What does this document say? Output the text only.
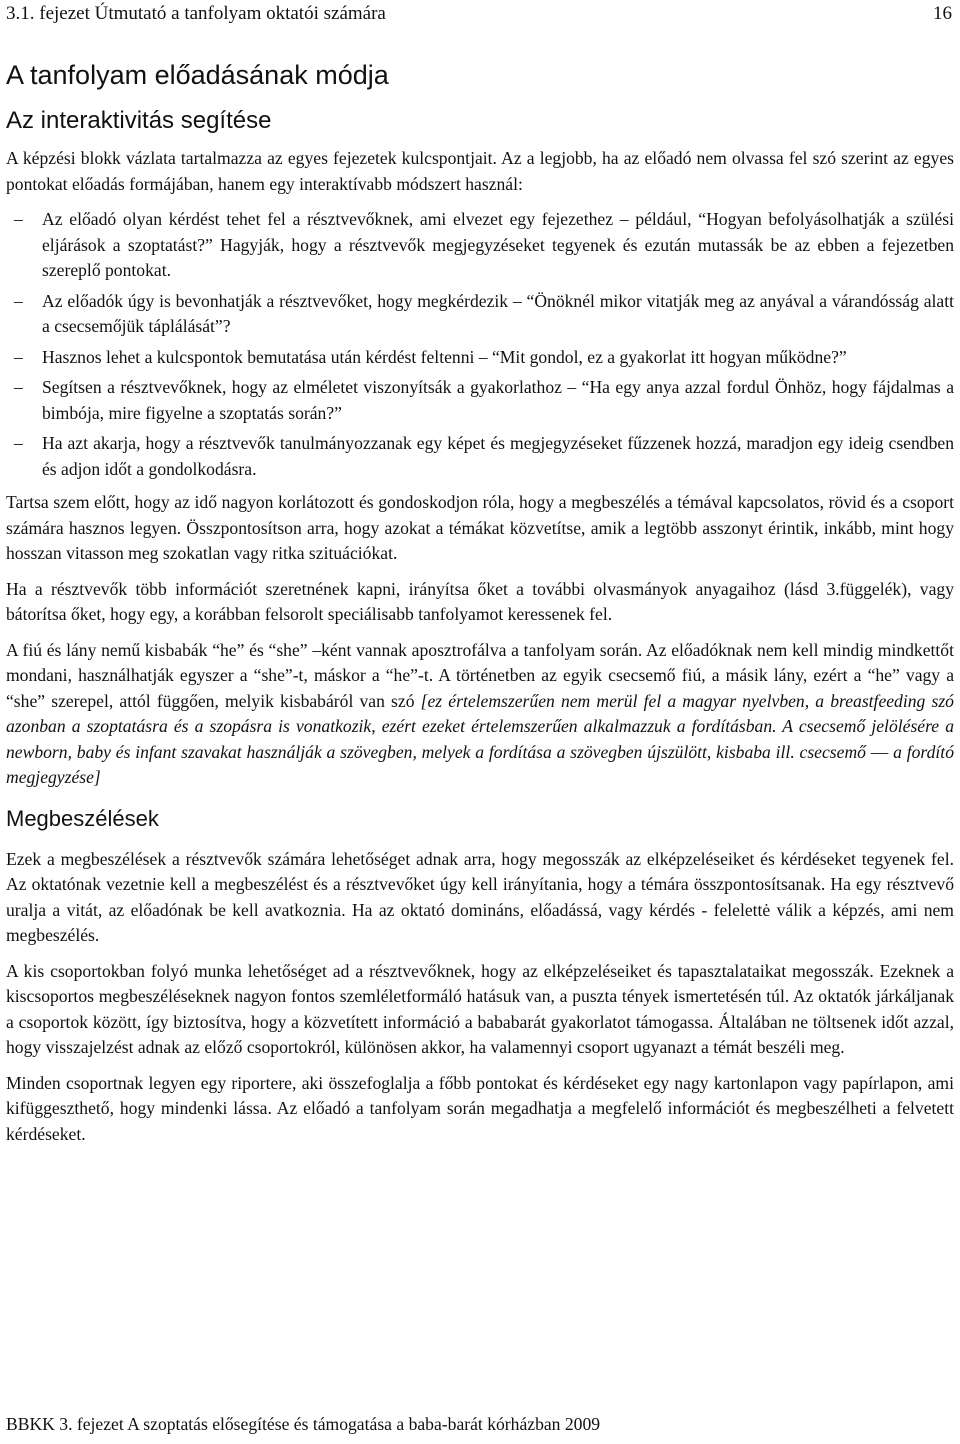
3.1. fejezet Útmutató a tanfolyam oktatói számára	16
A tanfolyam előadásának módja
Az interaktivitás segítése

A képzési blokk vázlata tartalmazza az egyes fejezetek kulcspontjait. Az a legjobb, ha az előadó nem olvassa fel szó szerint az egyes pontokat előadás formájában, hanem egy interaktívabb módszert használ:

– Az előadó olyan kérdést tehet fel a résztvevőknek, ami elvezet egy fejezethez – például, “Hogyan befolyásolhatják a szülési eljárások a szoptatást?” Hagyják, hogy a résztvevők megjegyzéseket tegyenek és ezután mutassák be az ebben a fejezetben szereplő pontokat.
– Az előadók úgy is bevonhatják a résztvevőket, hogy megkérdezik – “Önöknél mikor vitatják meg az anyával a várandósság alatt a csecsemőjük táplálását”?
– Hasznos lehet a kulcspontok bemutatása után kérdést feltenni – “Mit gondol, ez a gyakorlat itt hogyan működne?”
– Segítsen a résztvevőknek, hogy az elméletet viszonyítsák a gyakorlathoz – “Ha egy anya azzal fordul Önhöz, hogy fájdalmas a bimbója, mire figyelne a szoptatás során?”
– Ha azt akarja, hogy a résztvevők tanulmányozzanak egy képet és megjegyzéseket fűzzenek hozzá, maradjon egy ideig csendben és adjon időt a gondolkodásra.

Tartsa szem előtt, hogy az idő nagyon korlátozott és gondoskodjon róla, hogy a megbeszélés a témával kapcsolatos, rövid és a csoport számára hasznos legyen. Összpontosítson arra, hogy azokat a témákat közvetítse, amik a legtöbb asszonyt érintik, inkább, mint hogy hosszan vitasson meg szokatlan vagy ritka szituációkat.

Ha a résztvevők több információt szeretnének kapni, irányítsa őket a további olvasmányok anyagaihoz (lásd 3.függelék), vagy bátorítsa őket, hogy egy, a korábban felsorolt speciálisabb tanfolyamot keressenek fel.

A fiú és lány nemű kisbabák “he” és “she” –ként vannak aposztrofálva a tanfolyam során. Az előadóknak nem kell mindig mindkettőt mondani, használhatják egyszer a “she”-t, máskor a “he”-t. A történetben az egyik csecsemő fiú, a másik lány, ezért a “he” vagy a “she” szerepel, attól függően, melyik kisbabáról van szó [ez értelemszerűen nem merül fel a magyar nyelvben, a breastfeeding szó azonban a szoptatásra és a szopásra is vonatkozik, ezért ezeket értelemszerűen alkalmazzuk a fordításban. A csecsemő jelölésére a newborn, baby és infant szavakat használják a szövegben, melyek a fordítása a szövegben újszülött, kisbaba ill. csecsemő –– a fordító megjegyzése]

Megbeszélések

Ezek a megbeszélések a résztvevők számára lehetőséget adnak arra, hogy megosszák az elképzeléseiket és kérdéseket tegyenek fel. Az oktatónak vezetnie kell a megbeszélést és a résztvevőket úgy kell irányítania, hogy a témára összpontosítsanak. Ha egy résztvevő uralja a vitát, az előadónak be kell avatkoznia. Ha az oktató domináns, előadássá, vagy kérdés - felelettė válik a képzés, ami nem megbeszélés.

A kis csoportokban folyó munka lehetőséget ad a résztvevőknek, hogy az elképzeléseiket és tapasztalataikat megosszák. Ezeknek a kiscsoportos megbeszéléseknek nagyon fontos szemléletformáló hatásuk van, a puszta tények ismertetésén túl. Az oktatók járkáljanak a csoportok között, így biztosítva, hogy a közvetített információ a bababarát gyakorlatot támogassa. Általában ne töltsenek időt azzal, hogy visszajelzést adnak az előző csoportokról, különösen akkor, ha valamennyi csoport ugyanazt a témát beszéli meg.

Minden csoportnak legyen egy riportere, aki összefoglalja a főbb pontokat és kérdéseket egy nagy kartonlapon vagy papírlapon, ami kifüggeszthető, hogy mindenki lássa. Az előadó a tanfolyam során megadhatja a megfelelő információt és megbeszélheti a felvetett kérdéseket.

BBKK 3. fejezet A szoptatás elősegítése és támogatása a baba-barát kórházban 2009
